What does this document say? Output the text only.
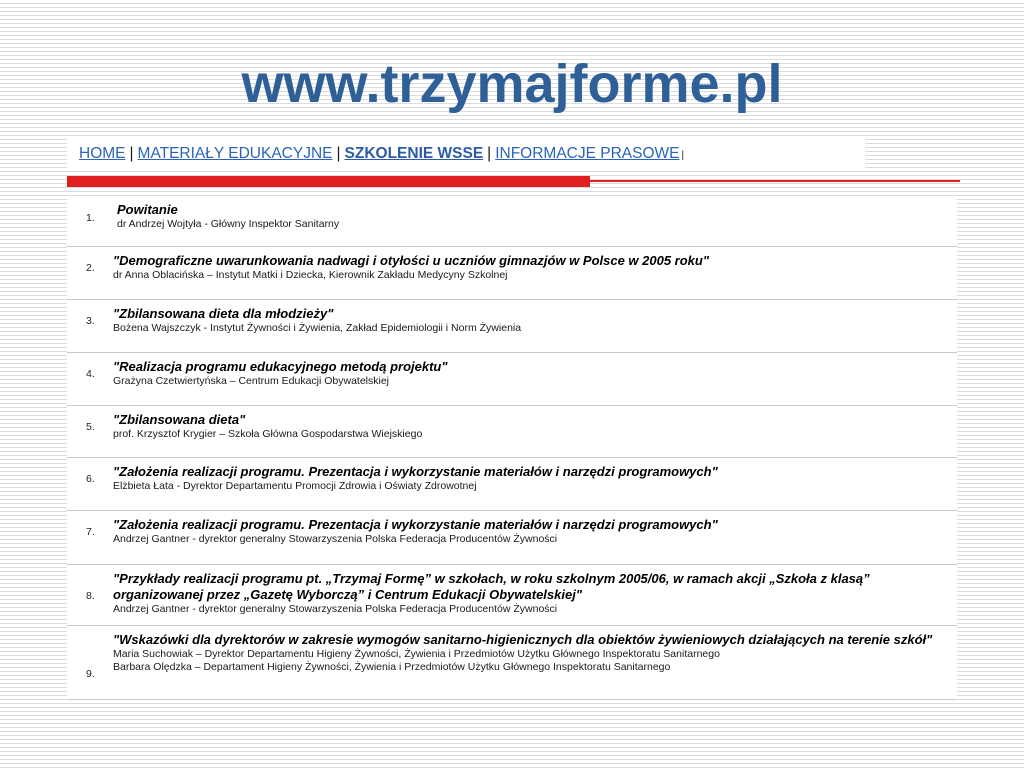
www.trzymajforme.pl
HOME | MATERIAŁY EDUKACYJNE | SZKOLENIE WSSE | INFORMACJE PRASOWE |
1.
Powitanie
dr Andrzej Wojtyła - Główny Inspektor Sanitarny
2. "Demograficzne uwarunkowania nadwagi i otyłości u uczniów gimnazjów w Polsce w 2005 roku"
dr Anna Oblacińska – Instytut Matki i Dziecka, Kierownik Zakładu Medycyny Szkolnej
3. "Zbilansowana dieta dla młodzieży"
Bożena Wajszczyk - Instytut Żywności i Żywienia, Zakład Epidemiologii i Norm Żywienia
4. "Realizacja programu edukacyjnego metodą projektu"
Grażyna Czetwiertyńska – Centrum Edukacji Obywatelskiej
5. "Zbilansowana dieta"
prof. Krzysztof Krygier – Szkoła Główna Gospodarstwa Wiejskiego
6. "Założenia realizacji programu. Prezentacja i wykorzystanie materiałów i narzędzi programowych"
Elżbieta Łata - Dyrektor Departamentu Promocji Zdrowia i Oświaty Zdrowotnej
7. "Założenia realizacji programu. Prezentacja i wykorzystanie materiałów i narzędzi programowych"
Andrzej Gantner - dyrektor generalny Stowarzyszenia Polska Federacja Producentów Żywności
8.
"Przykłady realizacji programu pt. „Trzymaj Formę” w szkołach, w roku szkolnym 2005/06, w ramach akcji „Szkoła z klasą” organizowanej przez „Gazetę Wyborczą” i Centrum Edukacji Obywatelskiej"
Andrzej Gantner - dyrektor generalny Stowarzyszenia Polska Federacja Producentów Żywności
9.
"Wskazówki dla dyrektorów w zakresie wymogów sanitarno-higienicznych dla obiektów żywieniowych działających na terenie szkół"
Maria Suchowiak – Dyrektor Departamentu Higieny Żywności, Żywienia i Przedmiotów Użytku Głównego Inspektoratu Sanitarnego
Barbara Olędzka – Departament Higieny Żywności, Żywienia i Przedmiotów Użytku Głównego Inspektoratu Sanitarnego
